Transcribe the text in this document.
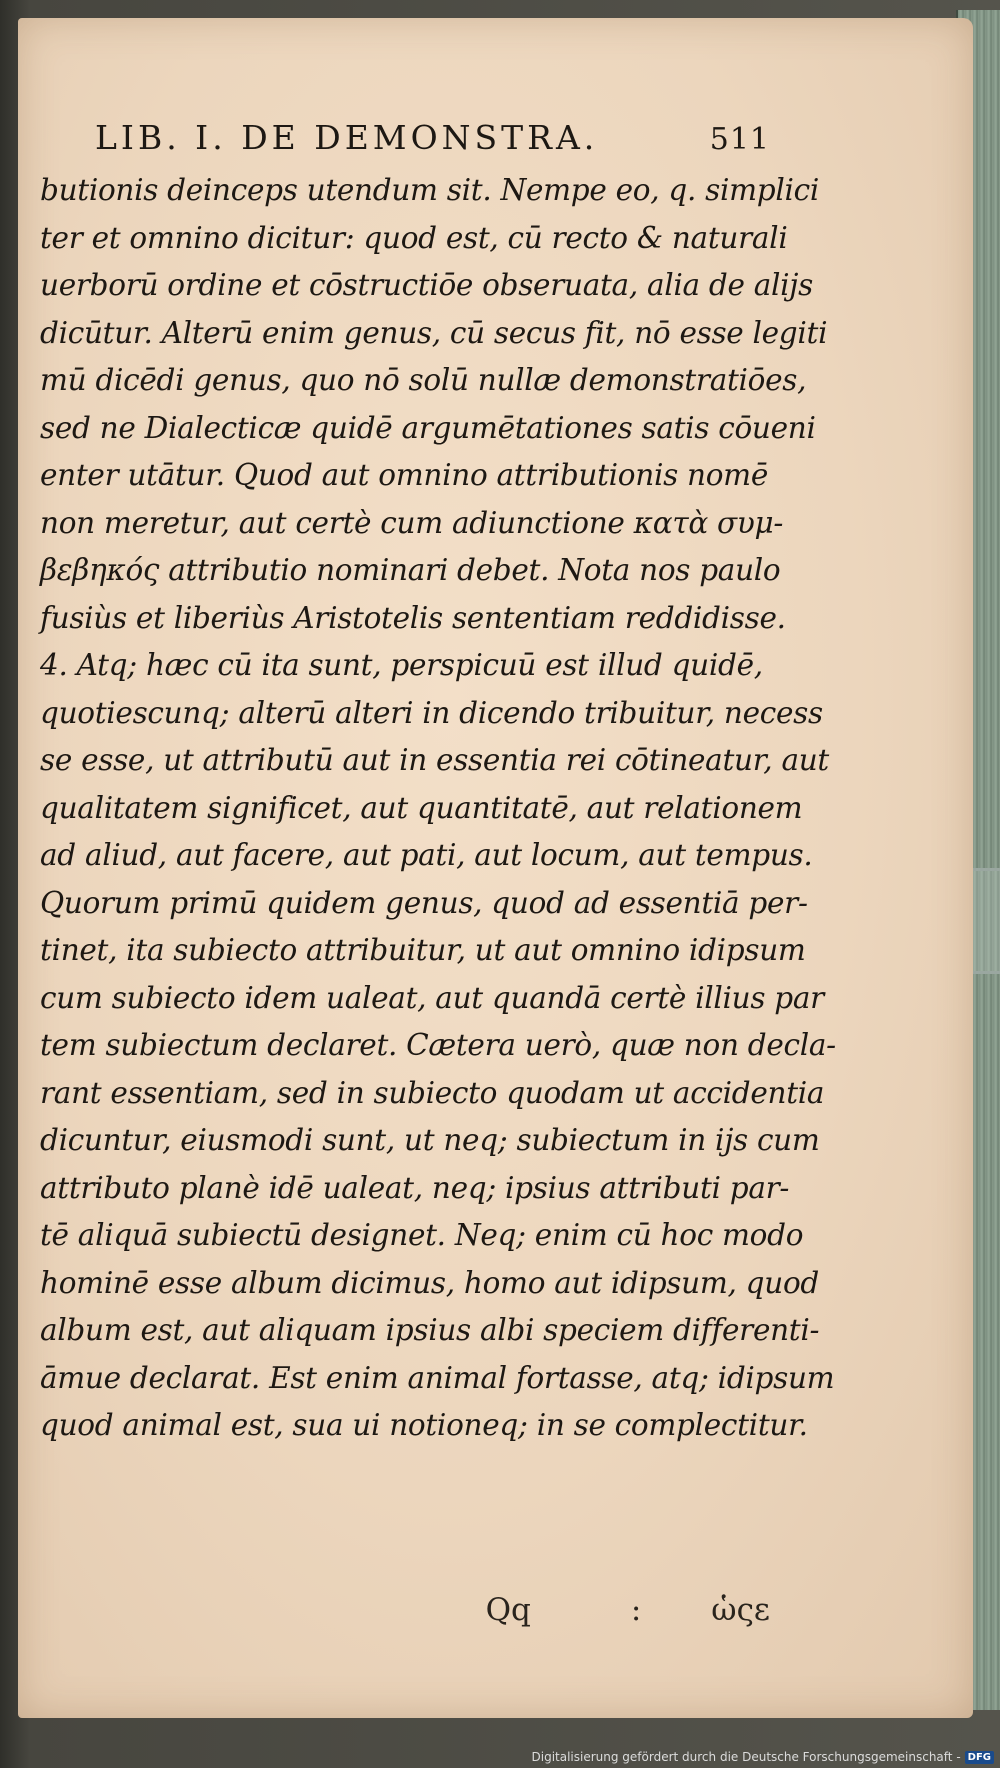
LIB. I. DE DEMONSTRA.	511
butionis deinceps utendum sit. Nempe eo, q. simplici
ter et omnino dicitur: quod est, cū recto & naturali
uerborū ordine et cōstructiōe obseruata, alia de alijs
dicūtur. Alterū enim genus, cū secus fit, nō esse legiti
mū dicēdi genus, quo nō solū nullæ demonstratiōes,
sed ne Dialecticæ quidē argumētationes satis cōueni
enter utātur. Quod aut omnino attributionis nomē
non meretur, aut certè cum adiunctione κατὰ συμ-
βεβηκός attributio nominari debet. Nota nos paulo
fusiùs et liberiùs Aristotelis sententiam reddidisse.
4. Atq; hæc cū ita sunt, perspicuū est illud quidē,
quotiescunq; alterū alteri in dicendo tribuitur, necess
se esse, ut attributū aut in essentia rei cōtineatur, aut
qualitatem significet, aut quantitatē, aut relationem
ad aliud, aut facere, aut pati, aut locum, aut tempus.
Quorum primū quidem genus, quod ad essentiā per-
tinet, ita subiecto attribuitur, ut aut omnino idipsum
cum subiecto idem ualeat, aut quandā certè illius par
tem subiectum declaret. Cætera uerò, quæ non decla-
rant essentiam, sed in subiecto quodam ut accidentia
dicuntur, eiusmodi sunt, ut neq; subiectum in ijs cum
attributo planè idē ualeat, neq; ipsius attributi par-
tē aliquā subiectū designet. Neq; enim cū hoc modo
hominē esse album dicimus, homo aut idipsum, quod
album est, aut aliquam ipsius albi speciem differenti-
āmue declarat. Est enim animal fortasse, atq; idipsum
quod animal est, sua ui notioneq; in se complectitur.
Qq	: ὡςε
Digitalisierung gefördert durch die Deutsche Forschungsgemeinschaft - DFG
